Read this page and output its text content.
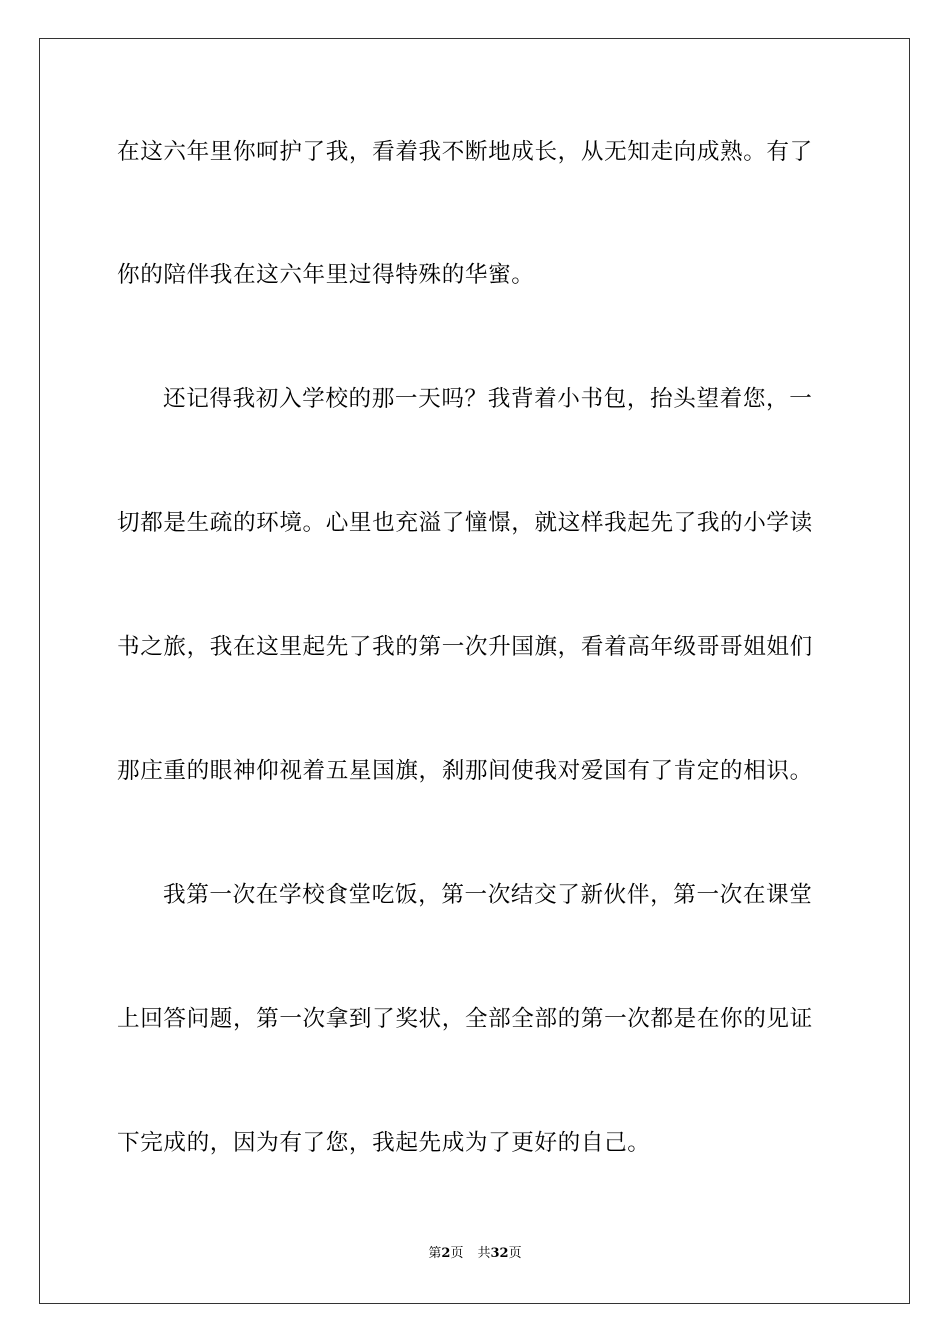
在这六年里你呵护了我，看着我不断地成长，从无知走向成熟。有了
你的陪伴我在这六年里过得特殊的华蜜。
还记得我初入学校的那一天吗？我背着小书包，抬头望着您，一
切都是生疏的环境。心里也充溢了憧憬，就这样我起先了我的小学读
书之旅，我在这里起先了我的第一次升国旗，看着高年级哥哥姐姐们
那庄重的眼神仰视着五星国旗，刹那间使我对爱国有了肯定的相识。
我第一次在学校食堂吃饭，第一次结交了新伙伴，第一次在课堂
上回答问题，第一次拿到了奖状，全部全部的第一次都是在你的见证
下完成的，因为有了您，我起先成为了更好的自己。
第2页 共32页
